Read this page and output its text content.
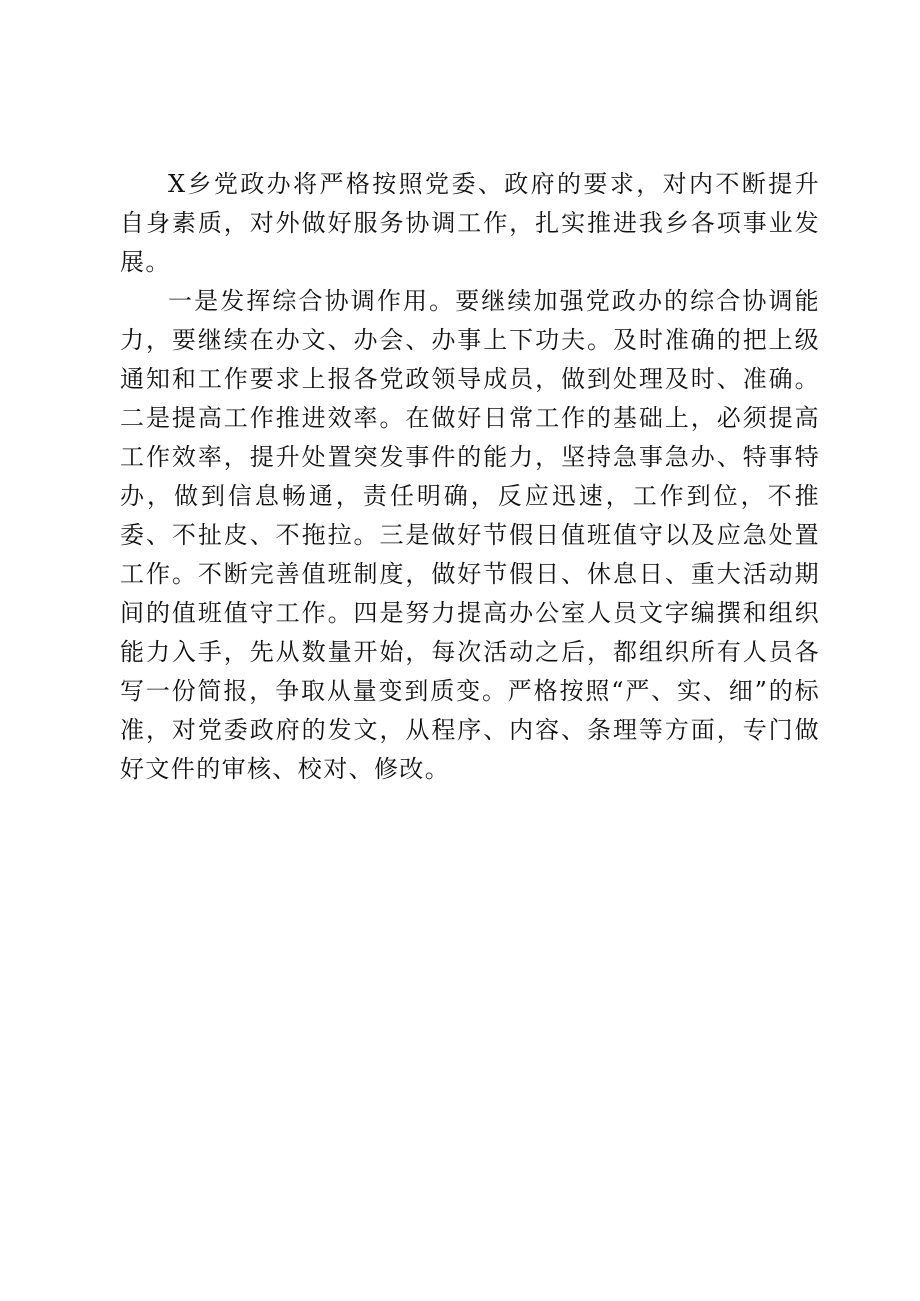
X乡党政办将严格按照党委、政府的要求，对内不断提升自身素质，对外做好服务协调工作，扎实推进我乡各项事业发展。

一是发挥综合协调作用。要继续加强党政办的综合协调能力，要继续在办文、办会、办事上下功夫。及时准确的把上级通知和工作要求上报各党政领导成员，做到处理及时、准确。二是提高工作推进效率。在做好日常工作的基础上，必须提高工作效率，提升处置突发事件的能力，坚持急事急办、特事特办，做到信息畅通，责任明确，反应迅速，工作到位，不推委、不扯皮、不拖拉。三是做好节假日值班值守以及应急处置工作。不断完善值班制度，做好节假日、休息日、重大活动期间的值班值守工作。四是努力提高办公室人员文字编撰和组织能力入手，先从数量开始，每次活动之后，都组织所有人员各写一份简报，争取从量变到质变。严格按照“严、实、细”的标准，对党委政府的发文，从程序、内容、条理等方面，专门做好文件的审核、校对、修改。
